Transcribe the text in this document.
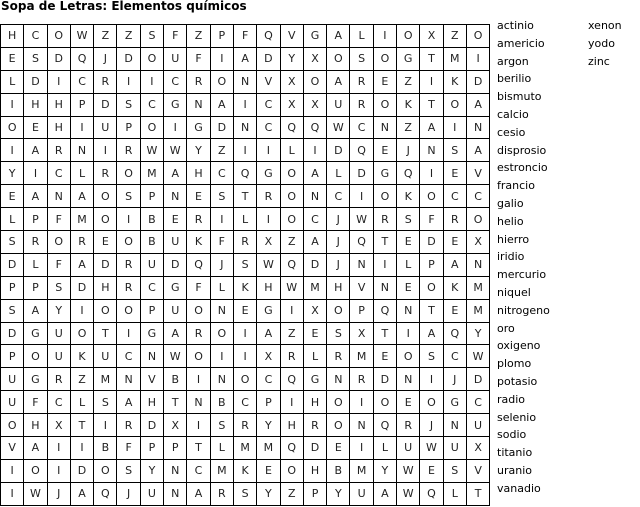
Sopa de Letras: Elementos químicos
H	C	O	W	Z	Z	S	F	Z	P	F	Q	V	G	A	L	I	O	X	Z	O
E	S	D	Q	J	D	O	U	F	I	A	D	Y	X	O	S	O	G	T	M	I
L	D	I	C	R	I	I	C	R	O	N	V	X	O	A	R	E	Z	I	K	D
I	H	H	P	D	S	C	G	N	A	I	C	X	X	U	R	O	K	T	O	A
O	E	H	I	U	P	O	I	G	D	N	C	Q	Q	W	C	N	Z	A	I	N
I	A	R	N	I	R	W	W	Y	Z	I	I	L	I	D	Q	E	J	N	S	A
Y	I	C	L	R	O	M	A	H	C	Q	G	O	A	L	D	G	Q	I	E	V
E	A	N	A	O	S	P	N	E	S	T	R	O	N	C	I	O	K	O	C	C
L	P	F	M	O	I	B	E	R	I	L	I	O	C	J	W	R	S	F	R	O
S	R	O	R	E	O	B	U	K	F	R	X	Z	A	J	Q	T	E	D	E	X
D	L	F	A	D	R	U	D	Q	J	S	W	Q	D	J	N	I	L	P	A	N
P	P	S	D	H	R	C	G	F	L	K	H	W	M	H	V	N	E	O	K	M
S	A	Y	I	O	O	P	U	O	N	E	G	I	X	O	P	Q	N	T	E	M
D	G	U	O	T	I	G	A	R	O	I	A	Z	E	S	X	T	I	A	Q	Y
P	O	U	K	U	C	N	W	O	I	I	X	R	L	R	M	E	O	S	C	W
U	G	R	Z	M	N	V	B	I	N	O	C	Q	G	N	R	D	N	I	J	D
U	F	C	L	S	A	H	T	N	B	C	P	I	H	O	I	O	E	O	G	C
O	H	X	T	I	R	D	X	I	S	R	Y	H	R	O	N	Q	R	J	N	U
V	A	I	I	B	F	P	P	T	L	M	M	Q	D	E	I	L	U	W	U	X
I	O	I	D	O	S	Y	N	C	M	K	E	O	H	B	M	Y	W	E	S	V
I	W	J	A	Q	J	U	N	A	R	S	Y	Z	P	Y	U	A	W	Q	L	T
actinio
americio
argon
berilio
bismuto
calcio
cesio
disprosio
estroncio
francio
galio
helio
hierro
iridio
mercurio
niquel
nitrogeno
oro
oxigeno
plomo
potasio
radio
selenio
sodio
titanio
uranio
vanadio
xenon
yodo
zinc
